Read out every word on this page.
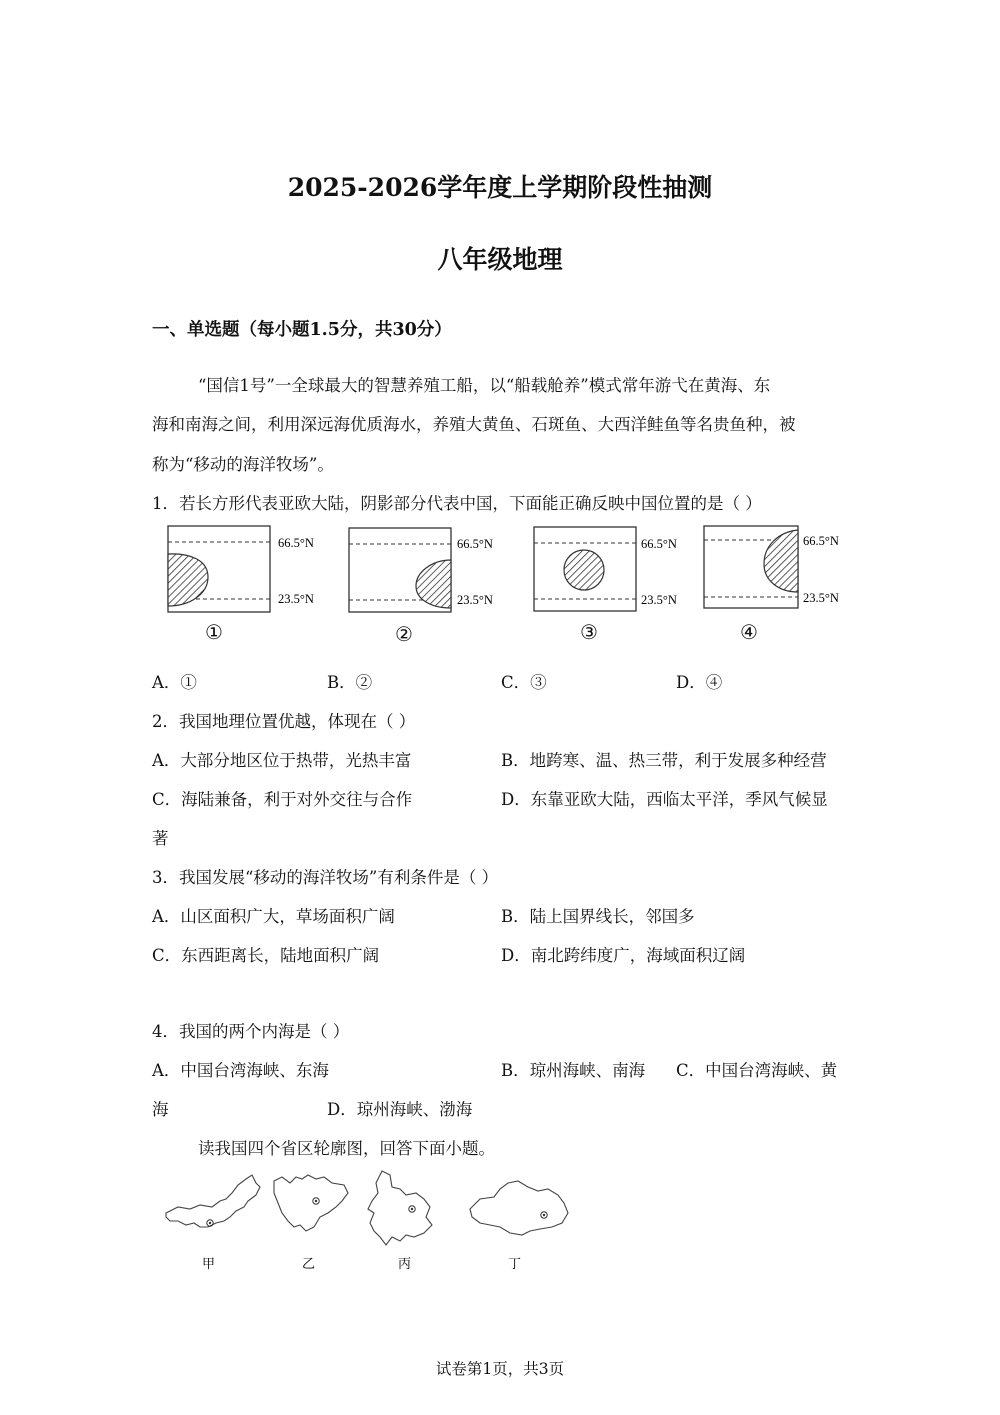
2025-2026学年度上学期阶段性抽测
八年级地理
一、单选题（每小题1.5分，共30分）
“国信1号”一全球最大的智慧养殖工船，以“船载舱养”模式常年游弋在黄海、东
海和南海之间，利用深远海优质海水，养殖大黄鱼、石斑鱼、大西洋鲑鱼等名贵鱼种，被
称为“移动的海洋牧场”。
1．若长方形代表亚欧大陆，阴影部分代表中国，下面能正确反映中国位置的是（ ）
66.5°N
23.5°N
66.5°N
23.5°N
66.5°N
23.5°N
66.5°N
23.5°N
①	②	③	④
A．①	B．②	C．③	D．④
2．我国地理位置优越，体现在（ ）
A．大部分地区位于热带，光热丰富	B．地跨寒、温、热三带，利于发展多种经营
C．海陆兼备，利于对外交往与合作	D．东靠亚欧大陆，西临太平洋，季风气候显
著
3．我国发展“移动的海洋牧场”有利条件是（ ）
A．山区面积广大，草场面积广阔	B．陆上国界线长，邻国多
C．东西距离长，陆地面积广阔	D．南北跨纬度广，海域面积辽阔
4．我国的两个内海是（ ）
A．中国台湾海峡、东海	B．琼州海峡、南海 C．中国台湾海峡、黄
海	D．琼州海峡、渤海
读我国四个省区轮廓图，回答下面小题。
甲	乙	丙	丁
试卷第1页，共3页
